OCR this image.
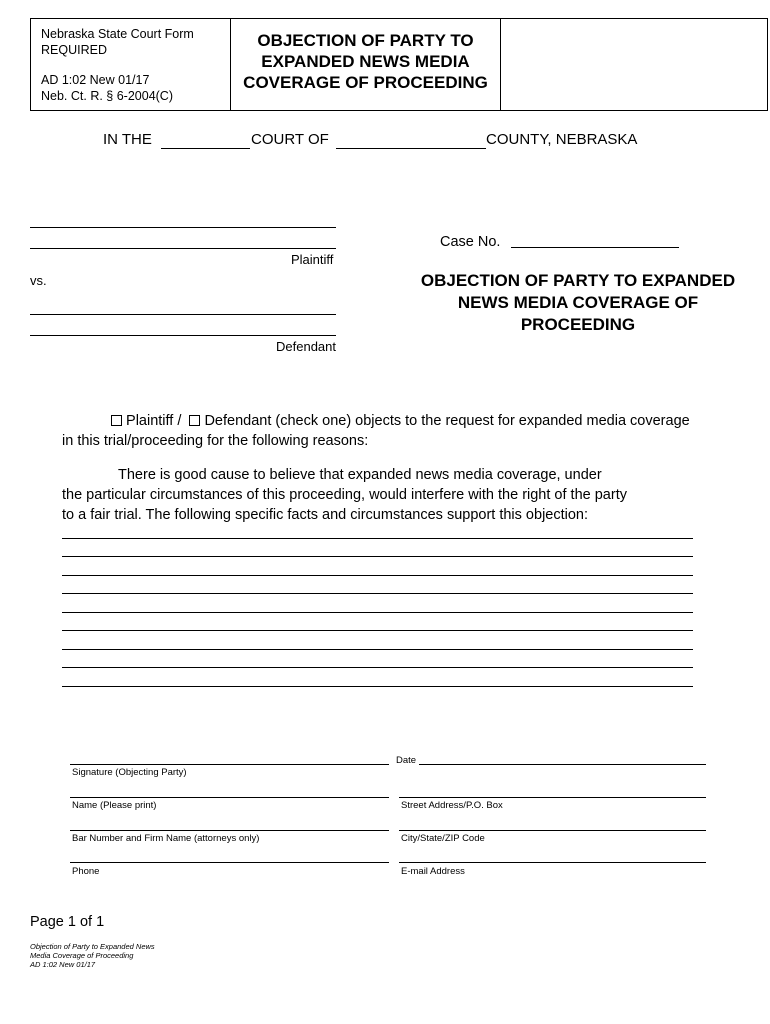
Nebraska State Court Form
REQUIRED
AD 1:02 New 01/17
Neb. Ct. R. § 6-2004(C)
OBJECTION OF PARTY TO
EXPANDED NEWS MEDIA
COVERAGE OF PROCEEDING
IN THE	COURT OF	COUNTY, NEBRASKA
Plaintiff
vs.
Defendant
Case No.
OBJECTION OF PARTY TO EXPANDED
NEWS MEDIA COVERAGE OF
PROCEEDING
Plaintiff / Defendant (check one) objects to the request for expanded media coverage
in this trial/proceeding for the following reasons:
There is good cause to believe that expanded news media coverage, under
the particular circumstances of this proceeding, would interfere with the right of the party
to a fair trial. The following specific facts and circumstances support this objection:
Date
Signature (Objecting Party)
Name (Please print)	Street Address/P.O. Box
Bar Number and Firm Name (attorneys only)	City/State/ZIP Code
Phone	E-mail Address
Page 1 of 1
Objection of Party to Expanded News
Media Coverage of Proceeding
AD 1:02 New 01/17
